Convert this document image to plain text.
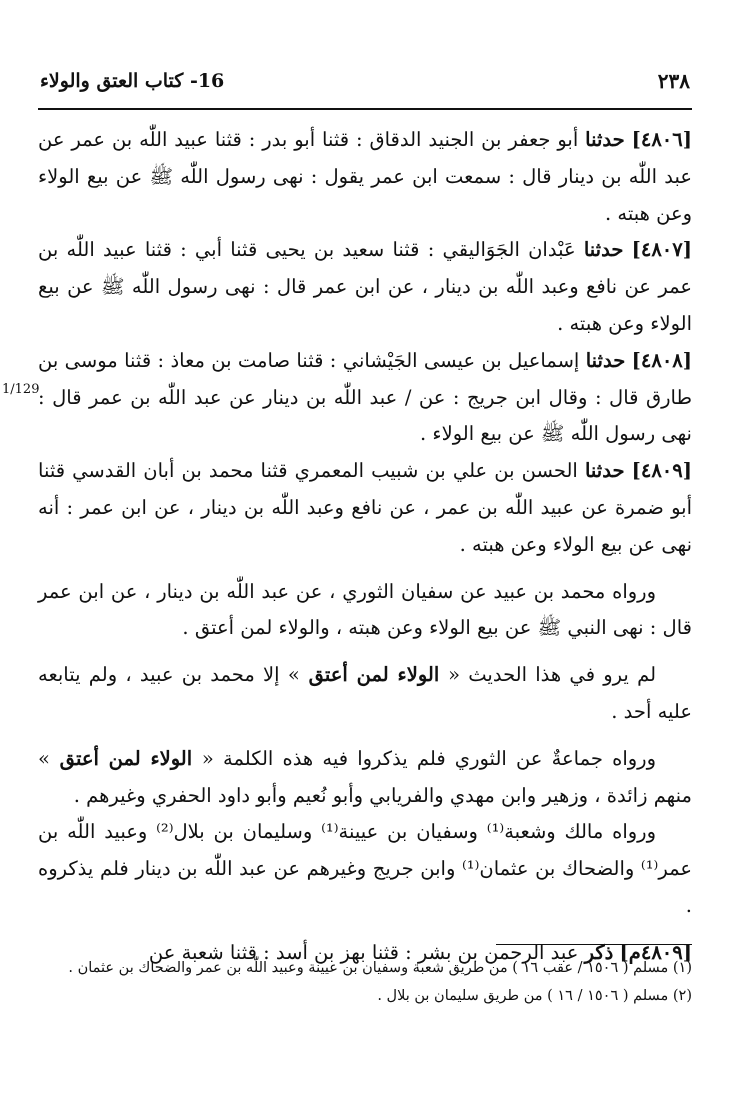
٢٣٨
16- كتاب العتق والولاء
1/129

[٤٨٠٦] حدثنا أبو جعفر بن الجنيد الدقاق : قثنا أبو بدر : قثنا عبيد اللّٰه بن عمر عن عبد اللّٰه بن دينار قال : سمعت ابن عمر يقول : نهى رسول اللّٰه ﷺ عن بيع الولاء وعن هبته .

[٤٨٠٧] حدثنا عَبْدان الجَوَاليقي : قثنا سعيد بن يحيى قثنا أبي : قثنا عبيد اللّٰه بن عمر عن نافع وعبد اللّٰه بن دينار ، عن ابن عمر قال : نهى رسول اللّٰه ﷺ عن بيع الولاء وعن هبته .

[٤٨٠٨] حدثنا إسماعيل بن عيسى الجَيْشاني : قثنا صامت بن معاذ : قثنا موسى بن طارق قال : وقال ابن جريج : عن / عبد اللّٰه بن دينار عن عبد اللّٰه بن عمر قال : نهى رسول اللّٰه ﷺ عن بيع الولاء .

[٤٨٠٩] حدثنا الحسن بن علي بن شبيب المعمري قثنا محمد بن أبان القدسي قثنا أبو ضمرة عن عبيد اللّٰه بن عمر ، عن نافع وعبد اللّٰه بن دينار ، عن ابن عمر : أنه نهى عن بيع الولاء وعن هبته .

ورواه محمد بن عبيد عن سفيان الثوري ، عن عبد اللّٰه بن دينار ، عن ابن عمر قال : نهى النبي ﷺ عن بيع الولاء وعن هبته ، والولاء لمن أعتق .

لم يرو في هذا الحديث « الولاء لمن أعتق » إلا محمد بن عبيد ، ولم يتابعه عليه أحد .

ورواه جماعةٌ عن الثوري فلم يذكروا فيه هذه الكلمة « الولاء لمن أعتق » منهم زائدة ، وزهير وابن مهدي والفريابي وأبو نُعيم وأبو داود الحفري وغيرهم .

ورواه مالك وشعبة⁽¹⁾ وسفيان بن عيينة⁽¹⁾ وسليمان بن بلال⁽²⁾ وعبيد اللّٰه بن عمر⁽¹⁾ والضحاك بن عثمان⁽¹⁾ وابن جريج وغيرهم عن عبد اللّٰه بن دينار فلم يذكروه .

[٤٨٠٩م] ذكر عبد الرحمن بن بشر : قثنا بهز بن أسد : قثنا شعبة عن

(١) مسلم ( ١٥٠٦ / عقب ١٦ ) من طريق شعبة وسفيان بن عيينة وعبيد اللّٰه بن عمر والضحاك بن عثمان .

(٢) مسلم ( ١٥٠٦ / ١٦ ) من طريق سليمان بن بلال .
